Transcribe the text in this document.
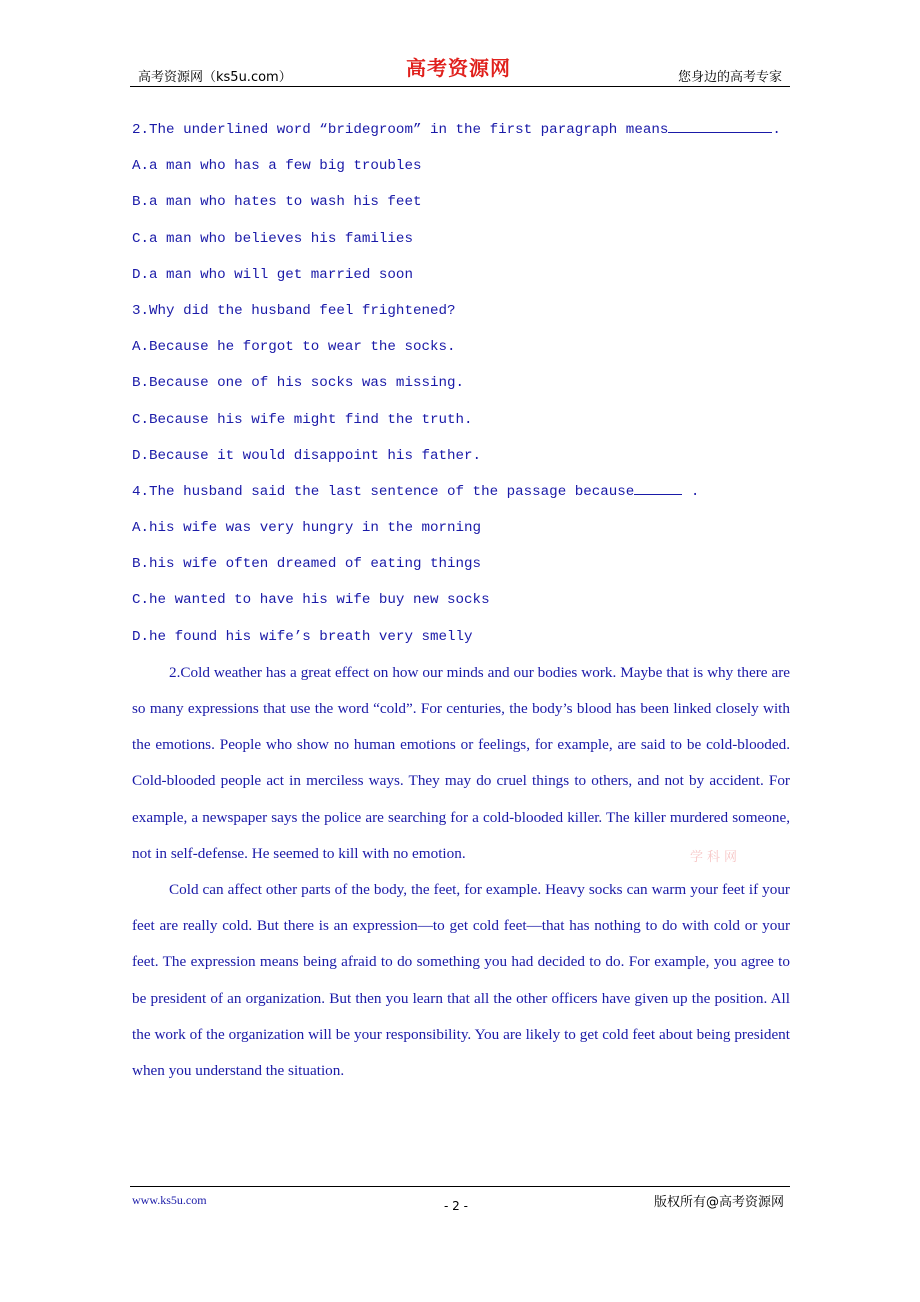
高考资源网（ks5u.com）	高考资源网	您身边的高考专家
2.The underlined word “bridegroom” in the first paragraph means	.
A.a man who has a few big troubles
B.a man who hates to wash his feet
C.a man who believes his families
D.a man who will get married soon
3.Why did the husband feel frightened?
A.Because he forgot to wear the socks.
B.Because one of his socks was missing.
C.Because his wife might find the truth.
D.Because it would disappoint his father.
4.The husband said the last sentence of the passage because	.
A.his wife was very hungry in the morning
B.his wife often dreamed of eating things
C.he wanted to have his wife buy new socks
D.he found his wife’s breath very smelly

2.Cold weather has a great effect on how our minds and our bodies work. Maybe that is why there are so many expressions that use the word “cold”. For centuries, the body’s blood has been linked closely with the emotions. People who show no human emotions or feelings, for example, are said to be cold-blooded. Cold-blooded people act in merciless ways. They may do cruel things to others, and not by accident. For example, a newspaper says the police are searching for a cold-blooded killer. The killer murdered someone, not in self-defense. He seemed to kill with no emotion.

Cold can affect other parts of the body, the feet, for example. Heavy socks can warm your feet if your feet are really cold. But there is an expression—to get cold feet—that has nothing to do with cold or your feet. The expression means being afraid to do something you had decided to do. For example, you agree to be president of an organization. But then you learn that all the other officers have given up the position. All the work of the organization will be your responsibility. You are likely to get cold feet about being president when you understand the situation.

学科网
www.ks5u.com	- 2 -	版权所有@高考资源网
